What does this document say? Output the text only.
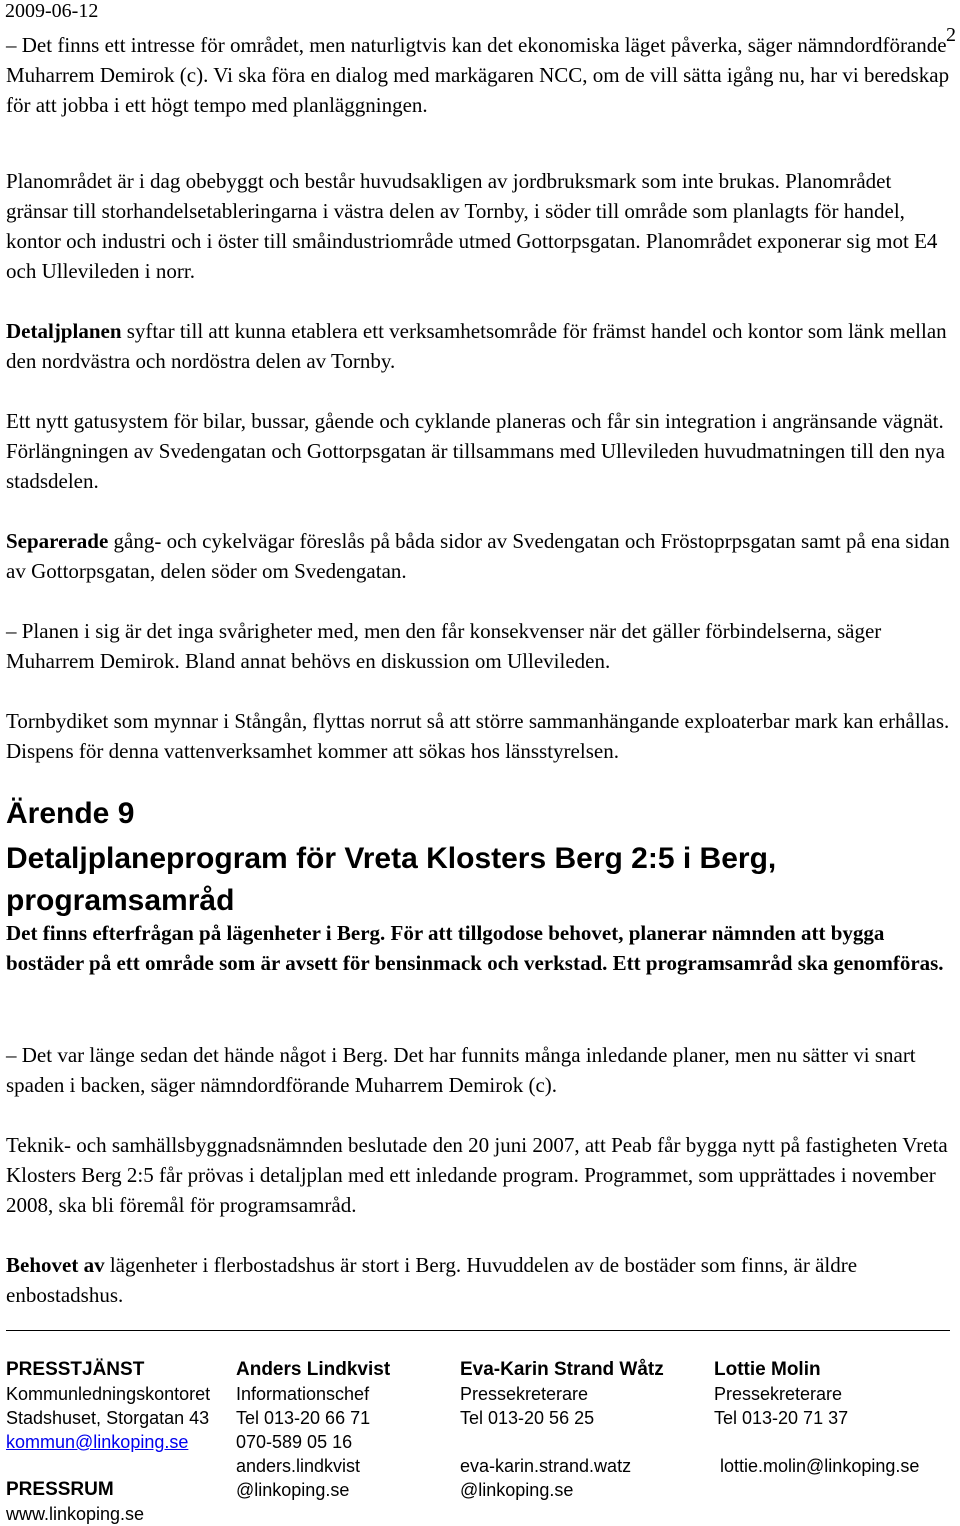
2009-06-12
2

– Det finns ett intresse för området, men naturligtvis kan det ekonomiska läget påverka, säger nämndordförande Muharrem Demirok (c). Vi ska föra en dialog med markägaren NCC, om de vill sätta igång nu, har vi beredskap för att jobba i ett högt tempo med planläggningen.

Planområdet är i dag obebyggt och består huvudsakligen av jordbruksmark som inte brukas. Planområdet gränsar till storhandelsetableringarna i västra delen av Tornby, i söder till område som planlagts för handel, kontor och industri och i öster till småindustriområde utmed Gottorpsgatan. Planområdet exponerar sig mot E4 och Ullevileden i norr.

Detaljplanen syftar till att kunna etablera ett verksamhetsområde för främst handel och kontor som länk mellan den nordvästra och nordöstra delen av Tornby.

Ett nytt gatusystem för bilar, bussar, gående och cyklande planeras och får sin integration i angränsande vägnät. Förlängningen av Svedengatan och Gottorpsgatan är tillsammans med Ullevileden huvudmatningen till den nya stadsdelen.

Separerade gång- och cykelvägar föreslås på båda sidor av Svedengatan och Fröstoprpsgatan samt på ena sidan av Gottorpsgatan, delen söder om Svedengatan.

– Planen i sig är det inga svårigheter med, men den får konsekvenser när det gäller förbindelserna, säger Muharrem Demirok. Bland annat behövs en diskussion om Ullevileden.

Tornbydiket som mynnar i Stångån, flyttas norrut så att större sammanhängande exploaterbar mark kan erhållas. Dispens för denna vattenverksamhet kommer att sökas hos länsstyrelsen.

Ärende 9
Detaljplaneprogram för Vreta Klosters Berg 2:5 i Berg, programsamråd

Det finns efterfrågan på lägenheter i Berg. För att tillgodose behovet, planerar nämnden att bygga bostäder på ett område som är avsett för bensinmack och verkstad. Ett programsamråd ska genomföras.

– Det var länge sedan det hände något i Berg. Det har funnits många inledande planer, men nu sätter vi snart spaden i backen, säger nämndordförande Muharrem Demirok (c).

Teknik- och samhällsbyggnadsnämnden beslutade den 20 juni 2007, att Peab får bygga nytt på fastigheten Vreta Klosters Berg 2:5 får prövas i detaljplan med ett inledande program. Programmet, som upprättades i november 2008, ska bli föremål för programsamråd.

Behovet av lägenheter i flerbostadshus är stort i Berg. Huvuddelen av de bostäder som finns, är äldre enbostadshus.

PRESSTJÄNST
Kommunledningskontoret
Stadshuset, Storgatan 43
kommun@linkoping.se
PRESSRUM
www.linkoping.se
Anders Lindkvist
Informationschef
Tel 013-20 66 71
070-589 05 16
anders.lindkvist
@linkoping.se
Eva-Karin Strand Wåtz
Pressekreterare
Tel 013-20 56 25
eva-karin.strand.watz
@linkoping.se
Lottie Molin
Pressekreterare
Tel 013-20 71 37
lottie.molin@linkoping.se
